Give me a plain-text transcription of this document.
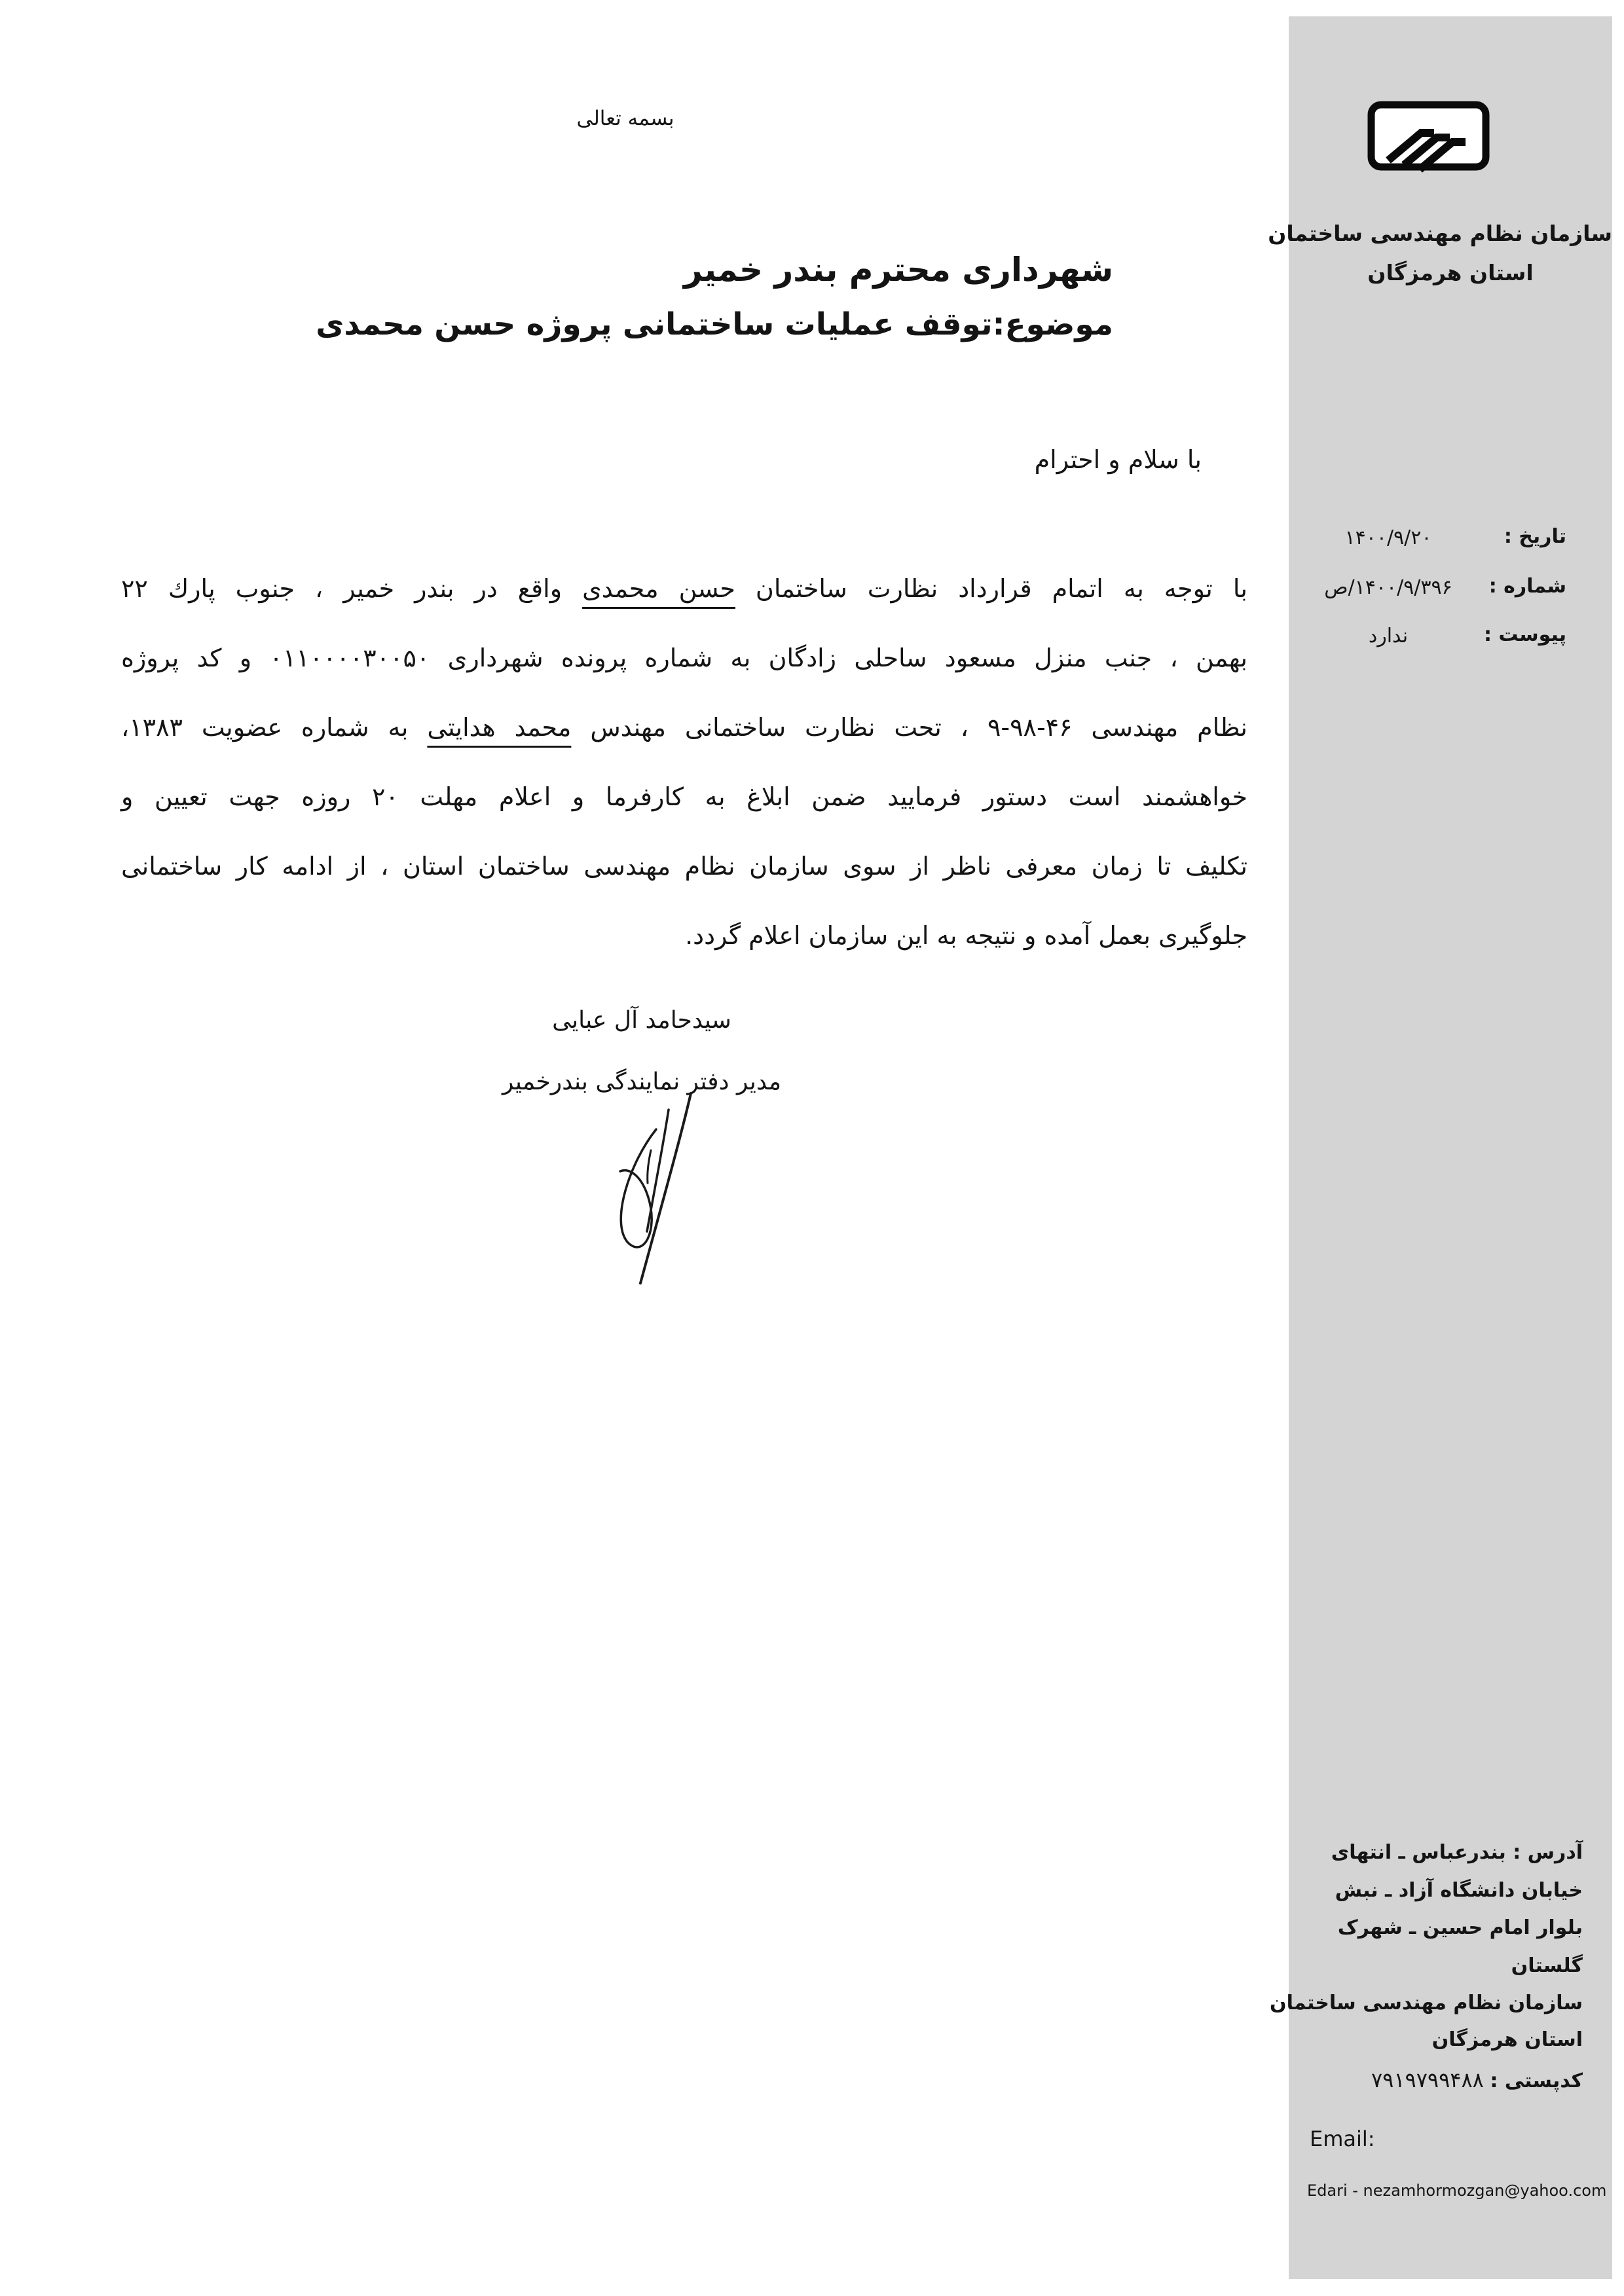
بسمه تعالی
شهرداری محترم بندر خمیر
موضوع:توقف عملیات ساختمانی پروژه حسن محمدی
با سلام و احترام
با توجه به اتمام قرارداد نظارت ساختمان حسن محمدی واقع در بندر خمیر ، جنوب پارك ۲۲
بهمن ، جنب منزل مسعود ساحلی زادگان به شماره پرونده شهرداری ۰۱۱۰۰۰۰۳۰۰۵۰ و کد پروژه
نظام مهندسی ۴۶-۹۸-۹ ، تحت نظارت ساختمانی مهندس محمد هدایتی به شماره عضویت ۱۳۸۳،
خواهشمند است دستور فرمایید ضمن ابلاغ به کارفرما و اعلام مهلت ۲۰ روزه جهت تعیین و
تکلیف تا زمان معرفی ناظر از سوی سازمان نظام مهندسی ساختمان استان ، از ادامه کار ساختمانی
جلوگیری بعمل آمده و نتیجه به این سازمان اعلام گردد.
سیدحامد آل عبایی
مدیر دفتر نمایندگی بندرخمیر
سازمان نظام مهندسی ساختمان
استان هرمزگان
تاریخ :
۱۴۰۰/۹/۲۰
شماره :
۱۴۰۰/۹/۳۹۶/ص
پیوست :
ندارد
آدرس : بندرعباس ـ انتهای
خیابان دانشگاه آزاد ـ نبش
بلوار امام حسین ـ شهرک
گلستان
سازمان نظام مهندسی ساختمان
استان هرمزگان
کدپستی : ۷۹۱۹۷۹۹۴۸۸
Email:
Edari - nezamhormozgan@yahoo.com
